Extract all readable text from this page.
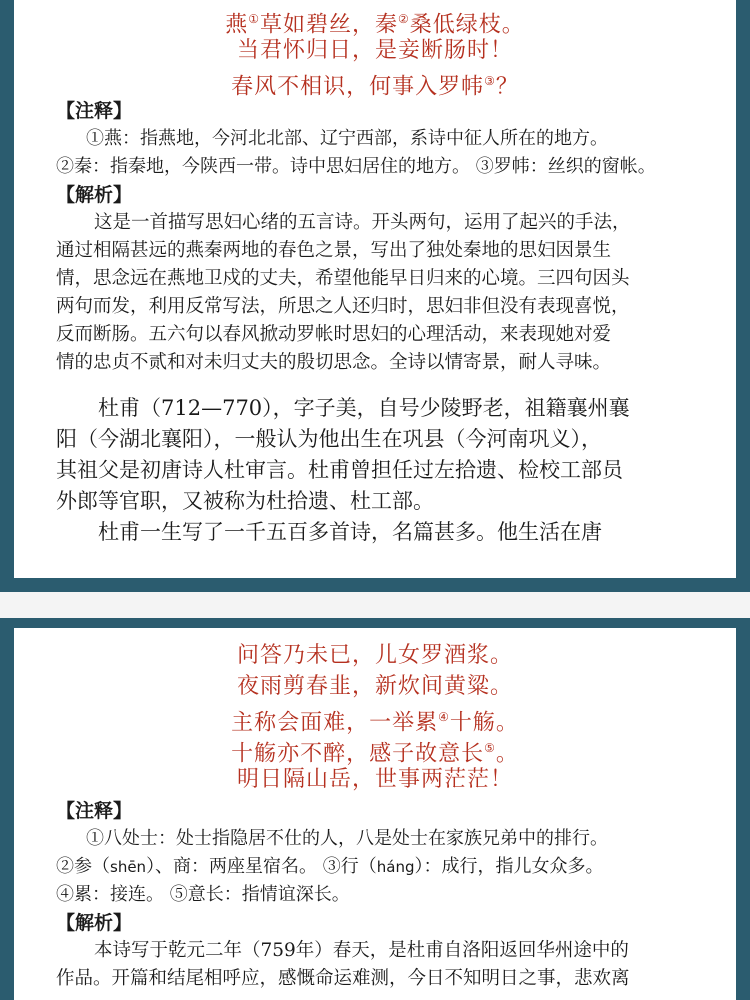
燕①草如碧丝，秦②桑低绿枝。
当君怀归日，是妾断肠时！
春风不相识，何事入罗帏③？
【注释】
①燕：指燕地，今河北北部、辽宁西部，系诗中征人所在的地方。
②秦：指秦地，今陕西一带。诗中思妇居住的地方。 ③罗帏：丝织的窗帐。
【解析】
这是一首描写思妇心绪的五言诗。开头两句，运用了起兴的手法，
通过相隔甚远的燕秦两地的春色之景，写出了独处秦地的思妇因景生
情，思念远在燕地卫戍的丈夫，希望他能早日归来的心境。三四句因头
两句而发，利用反常写法，所思之人还归时，思妇非但没有表现喜悦，
反而断肠。五六句以春风掀动罗帐时思妇的心理活动，来表现她对爱
情的忠贞不贰和对未归丈夫的殷切思念。全诗以情寄景，耐人寻味。
杜甫（712—770），字子美，自号少陵野老，祖籍襄州襄
阳（今湖北襄阳），一般认为他出生在巩县（今河南巩义），
其祖父是初唐诗人杜审言。杜甫曾担任过左拾遗、检校工部员
外郎等官职，又被称为杜拾遗、杜工部。
杜甫一生写了一千五百多首诗，名篇甚多。他生活在唐
问答乃未已，儿女罗酒浆。
夜雨剪春韭，新炊间黄粱。
主称会面难，一举累④十觞。
十觞亦不醉，感子故意长⑤。
明日隔山岳，世事两茫茫！
【注释】
①八处士：处士指隐居不仕的人，八是处士在家族兄弟中的排行。
②参（shēn）、商：两座星宿名。 ③行（háng）：成行，指儿女众多。
④累：接连。 ⑤意长：指情谊深长。
【解析】
本诗写于乾元二年（759年）春天，是杜甫自洛阳返回华州途中的
作品。开篇和结尾相呼应，感慨命运难测，今日不知明日之事，悲欢离
